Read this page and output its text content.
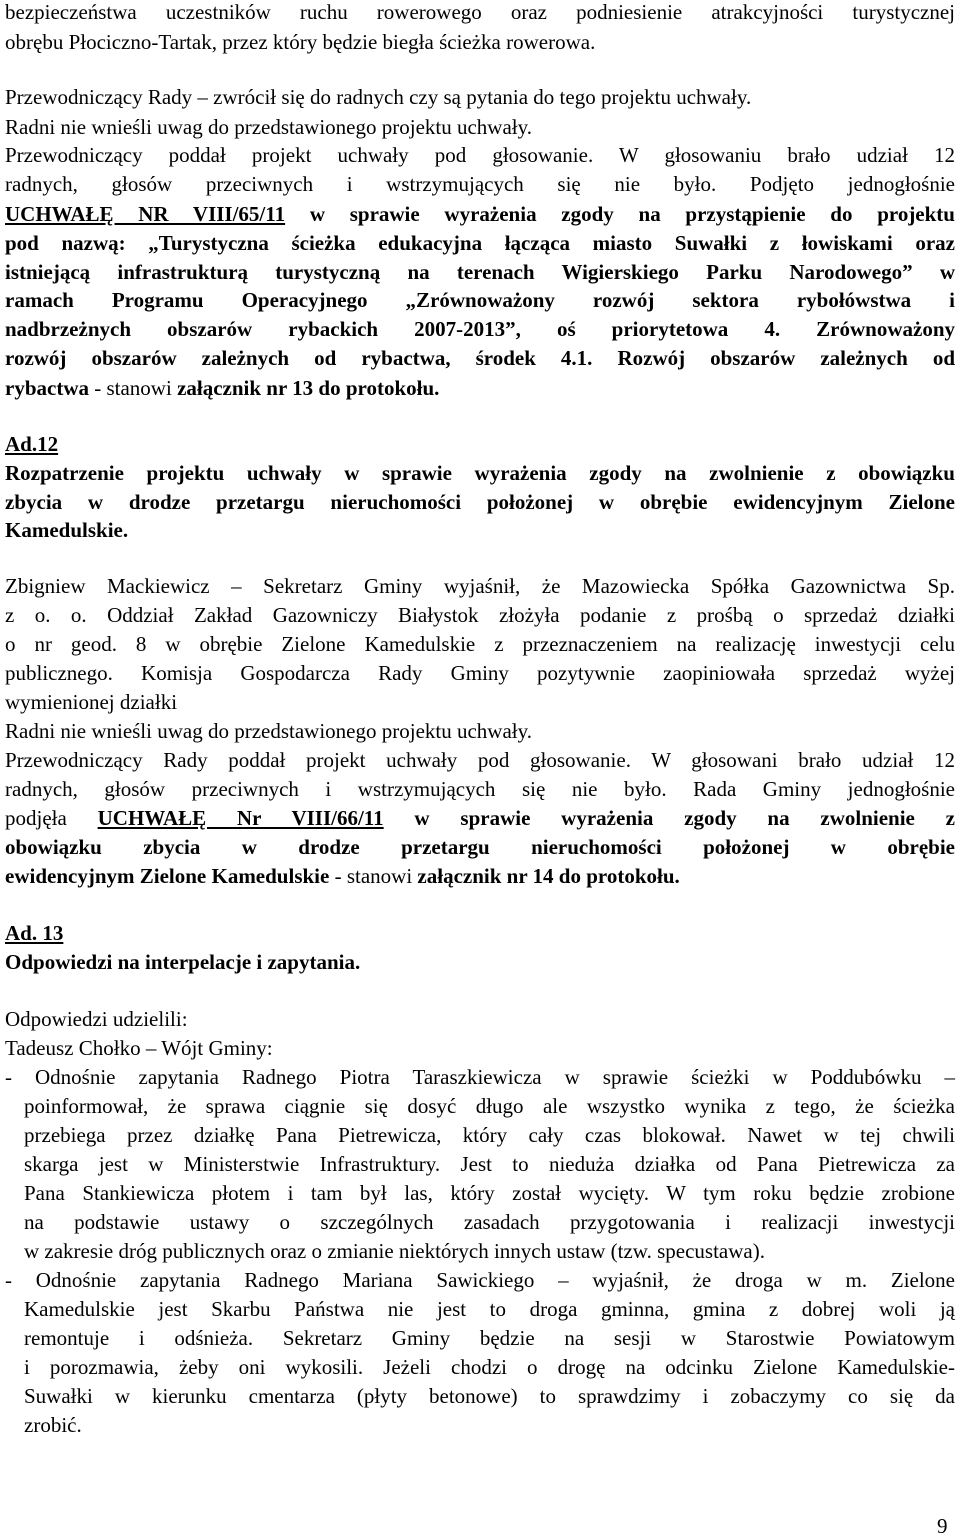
bezpieczeństwa uczestników ruchu rowerowego oraz podniesienie atrakcyjności turystycznej
obrębu Płociczno-Tartak, przez który będzie biegła ścieżka rowerowa.
Przewodniczący Rady – zwrócił się do radnych czy są pytania do tego projektu uchwały.
Radni nie wnieśli uwag do przedstawionego projektu uchwały.
Przewodniczący poddał projekt uchwały pod głosowanie. W głosowaniu brało udział 12
radnych, głosów przeciwnych i wstrzymujących się nie było. Podjęto jednogłośnie
UCHWAŁĘ NR VIII/65/11 w sprawie wyrażenia zgody na przystąpienie do projektu
pod nazwą: „Turystyczna ścieżka edukacyjna łącząca miasto Suwałki z łowiskami oraz
istniejącą infrastrukturą turystyczną na terenach Wigierskiego Parku Narodowego” w
ramach Programu Operacyjnego „Zrównoważony rozwój sektora rybołówstwa i
nadbrzeżnych obszarów rybackich 2007-2013”, oś priorytetowa 4. Zrównoważony
rozwój obszarów zależnych od rybactwa, środek 4.1. Rozwój obszarów zależnych od
rybactwa - stanowi załącznik nr 13 do protokołu.
Ad.12
Rozpatrzenie projektu uchwały w sprawie wyrażenia zgody na zwolnienie z obowiązku
zbycia w drodze przetargu nieruchomości położonej w obrębie ewidencyjnym Zielone
Kamedulskie.
Zbigniew Mackiewicz – Sekretarz Gminy wyjaśnił, że Mazowiecka Spółka Gazownictwa Sp.
z o. o. Oddział Zakład Gazowniczy Białystok złożyła podanie z prośbą o sprzedaż działki
o nr geod. 8 w obrębie Zielone Kamedulskie z przeznaczeniem na realizację inwestycji celu
publicznego. Komisja Gospodarcza Rady Gminy pozytywnie zaopiniowała sprzedaż wyżej
wymienionej działki
Radni nie wnieśli uwag do przedstawionego projektu uchwały.
Przewodniczący Rady poddał projekt uchwały pod głosowanie. W głosowani brało udział 12
radnych, głosów przeciwnych i wstrzymujących się nie było. Rada Gminy jednogłośnie
podjęła UCHWAŁĘ Nr VIII/66/11 w sprawie wyrażenia zgody na zwolnienie z
obowiązku zbycia w drodze przetargu nieruchomości położonej w obrębie
ewidencyjnym Zielone Kamedulskie - stanowi załącznik nr 14 do protokołu.
Ad. 13
Odpowiedzi na interpelacje i zapytania.
Odpowiedzi udzielili:
Tadeusz Chołko – Wójt Gminy:
- Odnośnie zapytania Radnego Piotra Taraszkiewicza w sprawie ścieżki w Poddubówku –
poinformował, że sprawa ciągnie się dosyć długo ale wszystko wynika z tego, że ścieżka
przebiega przez działkę Pana Pietrewicza, który cały czas blokował. Nawet w tej chwili
skarga jest w Ministerstwie Infrastruktury. Jest to nieduża działka od Pana Pietrewicza za
Pana Stankiewicza płotem i tam był las, który został wycięty. W tym roku będzie zrobione
na podstawie ustawy o szczególnych zasadach przygotowania i realizacji inwestycji
w zakresie dróg publicznych oraz o zmianie niektórych innych ustaw (tzw. specustawa).
- Odnośnie zapytania Radnego Mariana Sawickiego – wyjaśnił, że droga w m. Zielone
Kamedulskie jest Skarbu Państwa nie jest to droga gminna, gmina z dobrej woli ją
remontuje i odśnieża. Sekretarz Gminy będzie na sesji w Starostwie Powiatowym
i porozmawia, żeby oni wykosili. Jeżeli chodzi o drogę na odcinku Zielone Kamedulskie-
Suwałki w kierunku cmentarza (płyty betonowe) to sprawdzimy i zobaczymy co się da
zrobić.
9
